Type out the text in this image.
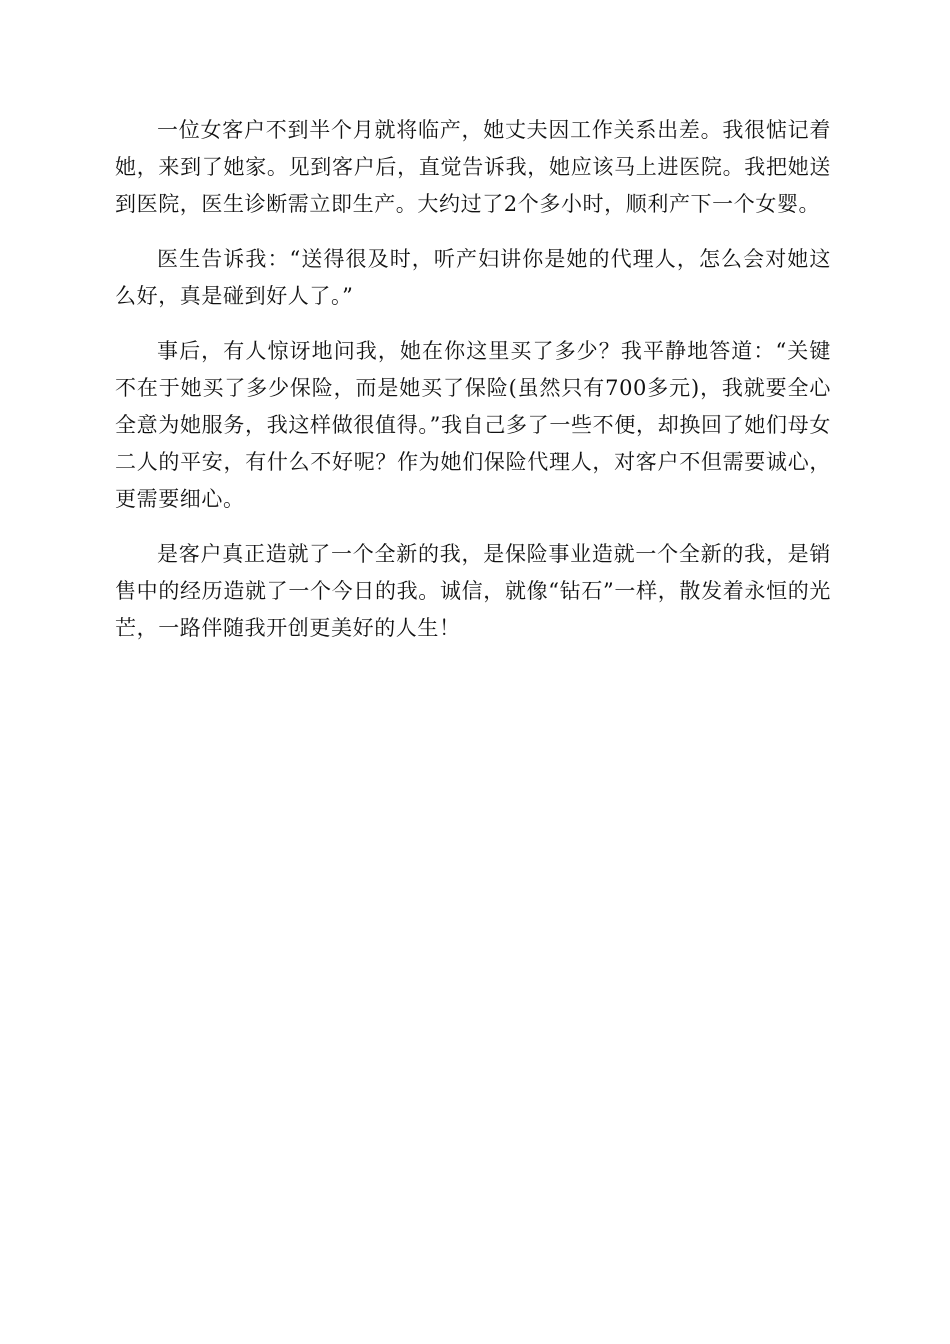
一位女客户不到半个月就将临产，她丈夫因工作关系出差。我很惦记着她，来到了她家。见到客户后，直觉告诉我，她应该马上进医院。我把她送到医院，医生诊断需立即生产。大约过了2个多小时，顺利产下一个女婴。

医生告诉我：“送得很及时，听产妇讲你是她的代理人，怎么会对她这么好，真是碰到好人了。”

事后，有人惊讶地问我，她在你这里买了多少？我平静地答道：“关键不在于她买了多少保险，而是她买了保险(虽然只有700多元)，我就要全心全意为她服务，我这样做很值得。”我自己多了一些不便，却换回了她们母女二人的平安，有什么不好呢？作为她们保险代理人，对客户不但需要诚心，更需要细心。

是客户真正造就了一个全新的我，是保险事业造就一个全新的我，是销售中的经历造就了一个今日的我。诚信，就像“钻石”一样，散发着永恒的光芒，一路伴随我开创更美好的人生！
